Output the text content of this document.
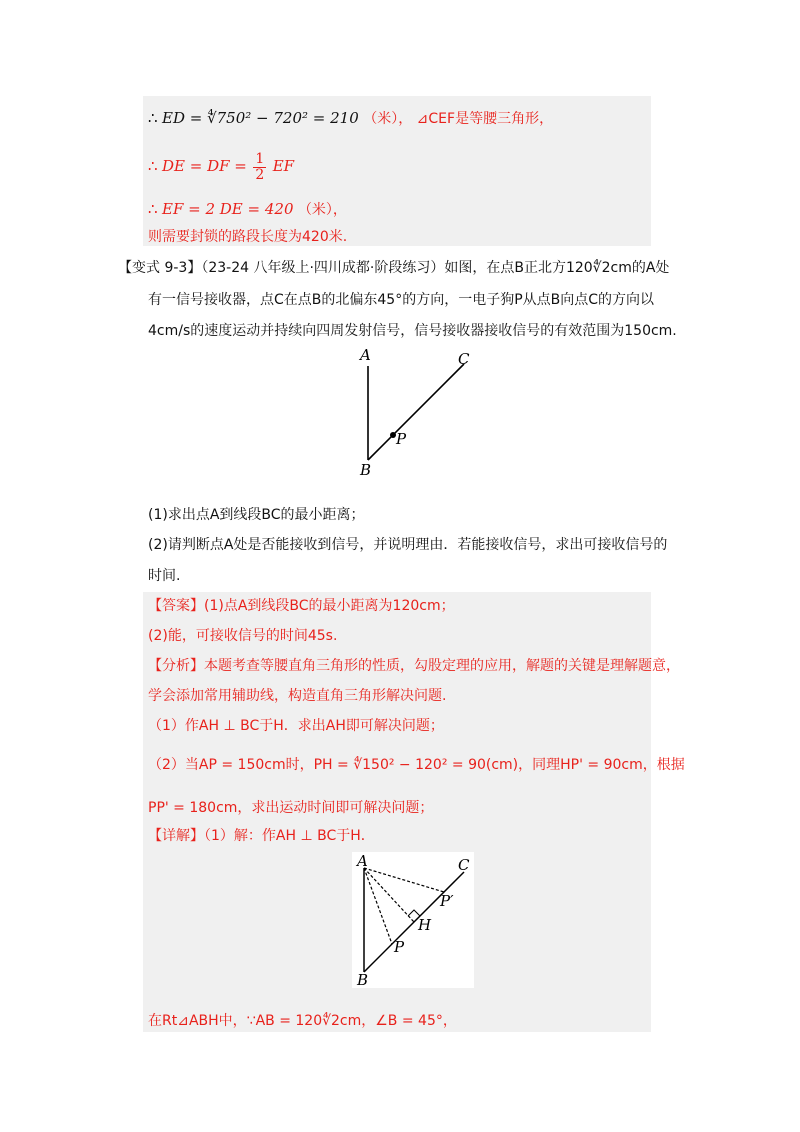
∴ ED = ∜750² − 720² = 210 （米）， ⊿CEF是等腰三角形，
∴ DE = DF = $\frac{1}{2}$ EF
∴ EF = 2 DE = 420 （米），
则需要封锁的路段长度为420米.
【变式 9-3】（23-24 八年级上·四川成都·阶段练习）如图，在点B正北方120∜2cm的A处
有一信号接收器，点C在点B的北偏东45°的方向，一电子狗P从点B向点C的方向以
4cm/s的速度运动并持续向四周发射信号，信号接收器接收信号的有效范围为150cm.
A
B
C
P
(1)求出点A到线段BC的最小距离；
(2)请判断点A处是否能接收到信号，并说明理由．若能接收信号，求出可接收信号的
时间.
【答案】(1)点A到线段BC的最小距离为120cm；
(2)能，可接收信号的时间45s.
【分析】本题考查等腰直角三角形的性质，勾股定理的应用，解题的关键是理解题意，
学会添加常用辅助线，构造直角三角形解决问题.
（1）作AH ⊥ BC于H．求出AH即可解决问题；
（2）当AP = 150cm时，PH = ∜150² − 120² = 90(cm)，同理HP' = 90cm，根据
PP' = 180cm，求出运动时间即可解决问题；
【详解】（1）解：作AH ⊥ BC于H．
A
B
C
P
P′
H
在Rt⊿ABH中，∵AB = 120∜2cm，∠B = 45°，
